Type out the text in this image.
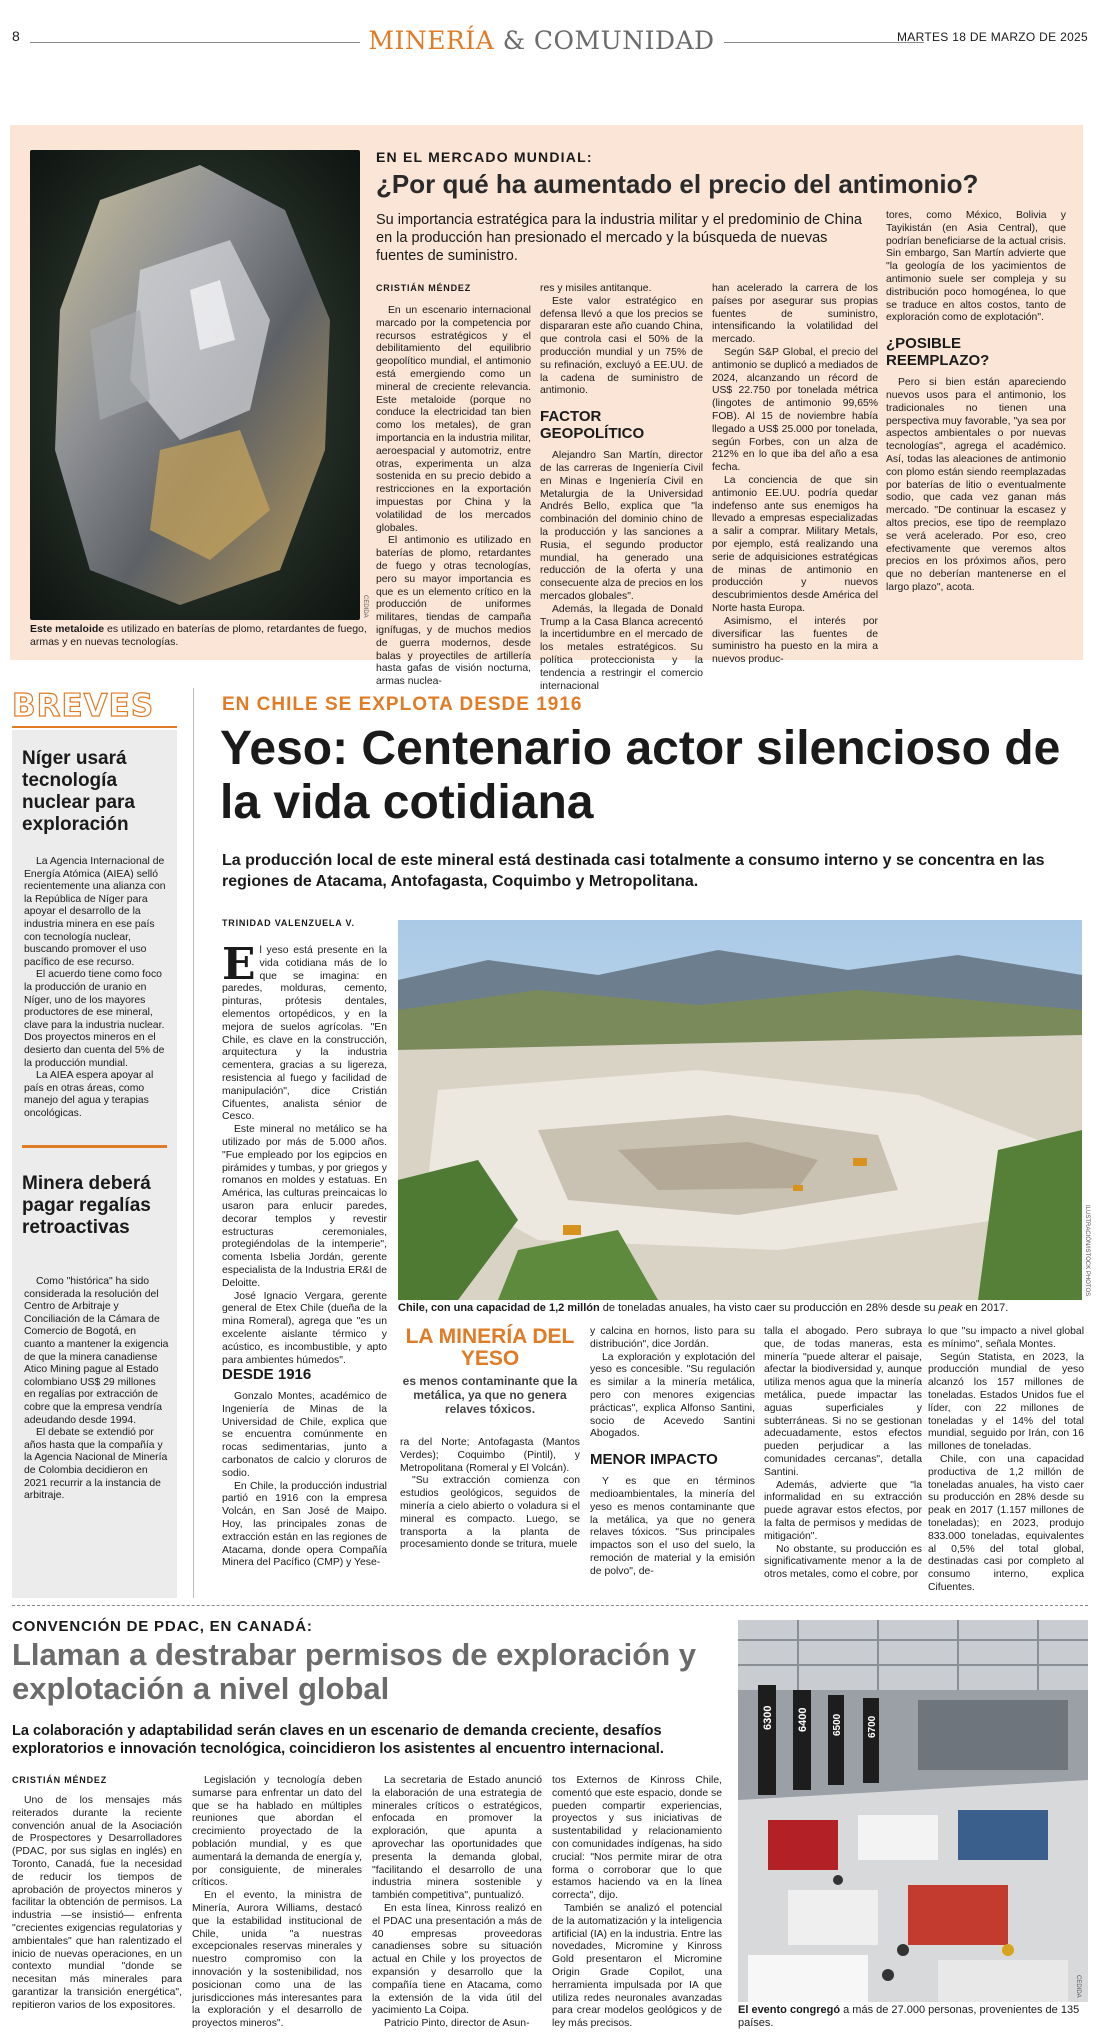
8	MINERÍA & COMUNIDAD	MARTES 18 DE MARZO DE 2025
CEDIDA
Este metaloide es utilizado en baterías de plomo, retardantes de fuego, armas y en nuevas tecnologías.
EN EL MERCADO MUNDIAL:
¿Por qué ha aumentado el precio del antimonio?
Su importancia estratégica para la industria militar y el predominio de China en la producción han presionado el mercado y la búsqueda de nuevas fuentes de suministro.
CRISTIÁN MÉNDEZ

En un escenario internacional marcado por la competencia por recursos estratégicos y el debilitamiento del equilibrio geopolítico mundial, el antimonio está emergiendo como un mineral de creciente relevancia. Este metaloide (porque no conduce la electricidad tan bien como los metales), de gran importancia en la industria militar, aeroespacial y automotriz, entre otras, experimenta un alza sostenida en su precio debido a restricciones en la exportación impuestas por China y la volatilidad de los mercados globales.

El antimonio es utilizado en baterías de plomo, retardantes de fuego y otras tecnologías, pero su mayor importancia es que es un elemento crítico en la producción de uniformes militares, tiendas de campaña ignífugas, y de muchos medios de guerra modernos, desde balas y proyectiles de artillería hasta gafas de visión nocturna, armas nuclea-

res y misiles antitanque.

Este valor estratégico en defensa llevó a que los precios se dispararan este año cuando China, que controla casi el 50% de la producción mundial y un 75% de su refinación, excluyó a EE.UU. de la cadena de suministro de antimonio.

FACTOR GEOPOLÍTICO

Alejandro San Martín, director de las carreras de Ingeniería Civil en Minas e Ingeniería Civil en Metalurgia de la Universidad Andrés Bello, explica que "la combinación del dominio chino de la producción y las sanciones a Rusia, el segundo productor mundial, ha generado una reducción de la oferta y una consecuente alza de precios en los mercados globales".

Además, la llegada de Donald Trump a la Casa Blanca acrecentó la incertidumbre en el mercado de los metales estratégicos. Su política proteccionista y la tendencia a restringir el comercio internacional

han acelerado la carrera de los países por asegurar sus propias fuentes de suministro, intensificando la volatilidad del mercado.

Según S&P Global, el precio del antimonio se duplicó a mediados de 2024, alcanzando un récord de US$ 22.750 por tonelada métrica (lingotes de antimonio 99,65% FOB). Al 15 de noviembre había llegado a US$ 25.000 por tonelada, según Forbes, con un alza de 212% en lo que iba del año a esa fecha.

La conciencia de que sin antimonio EE.UU. podría quedar indefenso ante sus enemigos ha llevado a empresas especializadas a salir a comprar. Military Metals, por ejemplo, está realizando una serie de adquisiciones estratégicas de minas de antimonio en producción y nuevos descubrimientos desde América del Norte hasta Europa.

Asimismo, el interés por diversificar las fuentes de suministro ha puesto en la mira a nuevos produc-

tores, como México, Bolivia y Tayikistán (en Asia Central), que podrían beneficiarse de la actual crisis. Sin embargo, San Martín advierte que "la geología de los yacimientos de antimonio suele ser compleja y su distribución poco homogénea, lo que se traduce en altos costos, tanto de exploración como de explotación".

¿POSIBLE REEMPLAZO?

Pero si bien están apareciendo nuevos usos para el antimonio, los tradicionales no tienen una perspectiva muy favorable, "ya sea por aspectos ambientales o por nuevas tecnologías", agrega el académico. Así, todas las aleaciones de antimonio con plomo están siendo reemplazadas por baterías de litio o eventualmente sodio, que cada vez ganan más mercado. "De continuar la escasez y altos precios, ese tipo de reemplazo se verá acelerado. Por eso, creo efectivamente que veremos altos precios en los próximos años, pero que no deberían mantenerse en el largo plazo", acota.

BREVES
Níger usará tecnología nuclear para exploración

La Agencia Internacional de Energía Atómica (AIEA) selló recientemente una alianza con la República de Níger para apoyar el desarrollo de la industria minera en ese país con tecnología nuclear, buscando promover el uso pacífico de ese recurso.

El acuerdo tiene como foco la producción de uranio en Níger, uno de los mayores productores de ese mineral, clave para la industria nuclear. Dos proyectos mineros en el desierto dan cuenta del 5% de la producción mundial.

La AIEA espera apoyar al país en otras áreas, como manejo del agua y terapias oncológicas.

Minera deberá pagar regalías retroactivas

Como "histórica" ha sido considerada la resolución del Centro de Arbitraje y Conciliación de la Cámara de Comercio de Bogotá, en cuanto a mantener la exigencia de que la minera canadiense Atico Mining pague al Estado colombiano US$ 29 millones en regalías por extracción de cobre que la empresa vendría adeudando desde 1994.

El debate se extendió por años hasta que la compañía y la Agencia Nacional de Minería de Colombia decidieron en 2021 recurrir a la instancia de arbitraje.

EN CHILE SE EXPLOTA DESDE 1916
Yeso: Centenario actor silencioso de la vida cotidiana
La producción local de este mineral está destinada casi totalmente a consumo interno y se concentra en las regiones de Atacama, Antofagasta, Coquimbo y Metropolitana.
TRINIDAD VALENZUELA V.
ILUSTRACIÓN/ISTOCK PHOTOS
Chile, con una capacidad de 1,2 millón de toneladas anuales, ha visto caer su producción en 28% desde su peak en 2017.
E l yeso está presente en la vida cotidiana más de lo que se imagina: en paredes, molduras, cemento, pinturas, prótesis dentales, elementos ortopédicos, y en la mejora de suelos agrícolas. "En Chile, es clave en la construcción, arquitectura y la industria cementera, gracias a su ligereza, resistencia al fuego y facilidad de manipulación", dice Cristián Cifuentes, analista sénior de Cesco.

Este mineral no metálico se ha utilizado por más de 5.000 años. "Fue empleado por los egipcios en pirámides y tumbas, y por griegos y romanos en moldes y estatuas. En América, las culturas preincaicas lo usaron para enlucir paredes, decorar templos y revestir estructuras ceremoniales, protegiéndolas de la intemperie", comenta Isbelia Jordán, gerente especialista de la Industria ER&I de Deloitte.

José Ignacio Vergara, gerente general de Etex Chile (dueña de la mina Romeral), agrega que "es un excelente aislante térmico y acústico, es incombustible, y apto para ambientes húmedos".

DESDE 1916

Gonzalo Montes, académico de Ingeniería de Minas de la Universidad de Chile, explica que se encuentra comúnmente en rocas sedimentarias, junto a carbonatos de calcio y cloruros de sodio.

En Chile, la producción industrial partió en 1916 con la empresa Volcán, en San José de Maipo. Hoy, las principales zonas de extracción están en las regiones de Atacama, donde opera Compañía Minera del Pacífico (CMP) y Yese-

LA MINERÍA DEL YESO
es menos contaminante que la metálica, ya que no genera relaves tóxicos.

ra del Norte; Antofagasta (Mantos Verdes); Coquimbo (Pintil), y Metropolitana (Romeral y El Volcán).

"Su extracción comienza con estudios geológicos, seguidos de minería a cielo abierto o voladura si el mineral es compacto. Luego, se transporta a la planta de procesamiento donde se tritura, muele

y calcina en hornos, listo para su distribución", dice Jordán.

La exploración y explotación del yeso es concesible. "Su regulación es similar a la minería metálica, pero con menores exigencias prácticas", explica Alfonso Santini, socio de Acevedo Santini Abogados.

MENOR IMPACTO

Y es que en términos medioambientales, la minería del yeso es menos contaminante que la metálica, ya que no genera relaves tóxicos. "Sus principales impactos son el uso del suelo, la remoción de material y la emisión de polvo", de-

talla el abogado. Pero subraya que, de todas maneras, esta minería "puede alterar el paisaje, afectar la biodiversidad y, aunque utiliza menos agua que la minería metálica, puede impactar las aguas superficiales y subterráneas. Si no se gestionan adecuadamente, estos efectos pueden perjudicar a las comunidades cercanas", detalla Santini.

Además, advierte que "la informalidad en su extracción puede agravar estos efectos, por la falta de permisos y medidas de mitigación".

No obstante, su producción es significativamente menor a la de otros metales, como el cobre, por

lo que "su impacto a nivel global es mínimo", señala Montes.

Según Statista, en 2023, la producción mundial de yeso alcanzó los 157 millones de toneladas. Estados Unidos fue el líder, con 22 millones de toneladas y el 14% del total mundial, seguido por Irán, con 16 millones de toneladas.

Chile, con una capacidad productiva de 1,2 millón de toneladas anuales, ha visto caer su producción en 28% desde su peak en 2017 (1.157 millones de toneladas); en 2023, produjo 833.000 toneladas, equivalentes al 0,5% del total global, destinadas casi por completo al consumo interno, explica Cifuentes.

CONVENCIÓN DE PDAC, EN CANADÁ:
Llaman a destrabar permisos de exploración y explotación a nivel global
La colaboración y adaptabilidad serán claves en un escenario de demanda creciente, desafíos exploratorios e innovación tecnológica, coincidieron los asistentes al encuentro internacional.
CRISTIÁN MÉNDEZ

Uno de los mensajes más reiterados durante la reciente convención anual de la Asociación de Prospectores y Desarrolladores (PDAC, por sus siglas en inglés) en Toronto, Canadá, fue la necesidad de reducir los tiempos de aprobación de proyectos mineros y facilitar la obtención de permisos. La industria —se insistió— enfrenta "crecientes exigencias regulatorias y ambientales" que han ralentizado el inicio de nuevas operaciones, en un contexto mundial "donde se necesitan más minerales para garantizar la transición energética", repitieron varios de los expositores.

Legislación y tecnología deben sumarse para enfrentar un dato del que se ha hablado en múltiples reuniones que abordan el crecimiento proyectado de la población mundial, y es que aumentará la demanda de energía y, por consiguiente, de minerales críticos.

En el evento, la ministra de Minería, Aurora Williams, destacó que la estabilidad institucional de Chile, unida "a nuestras excepcionales reservas minerales y nuestro compromiso con la innovación y la sostenibilidad, nos posicionan como una de las jurisdicciones más interesantes para la exploración y el desarrollo de proyectos mineros".

La secretaria de Estado anunció la elaboración de una estrategia de minerales críticos o estratégicos, enfocada en promover la exploración, que apunta a aprovechar las oportunidades que presenta la demanda global, "facilitando el desarrollo de una industria minera sostenible y también competitiva", puntualizó.

En esta línea, Kinross realizó en el PDAC una presentación a más de 40 empresas proveedoras canadienses sobre su situación actual en Chile y los proyectos de expansión y desarrollo que la compañía tiene en Atacama, como la extensión de la vida útil del yacimiento La Coipa.

Patricio Pinto, director de Asun-

tos Externos de Kinross Chile, comentó que este espacio, donde se pueden compartir experiencias, proyectos y sus iniciativas de sustentabilidad y relacionamiento con comunidades indígenas, ha sido crucial: "Nos permite mirar de otra forma o corroborar que lo que estamos haciendo va en la línea correcta", dijo.

También se analizó el potencial de la automatización y la inteligencia artificial (IA) en la industria. Entre las novedades, Micromine y Kinross Gold presentaron el Micromine Origin Grade Copilot, una herramienta impulsada por IA que utiliza redes neuronales avanzadas para crear modelos geológicos y de ley más precisos.

6300 6400 6500 6700
CEDIDA
El evento congregó a más de 27.000 personas, provenientes de 135 países.
